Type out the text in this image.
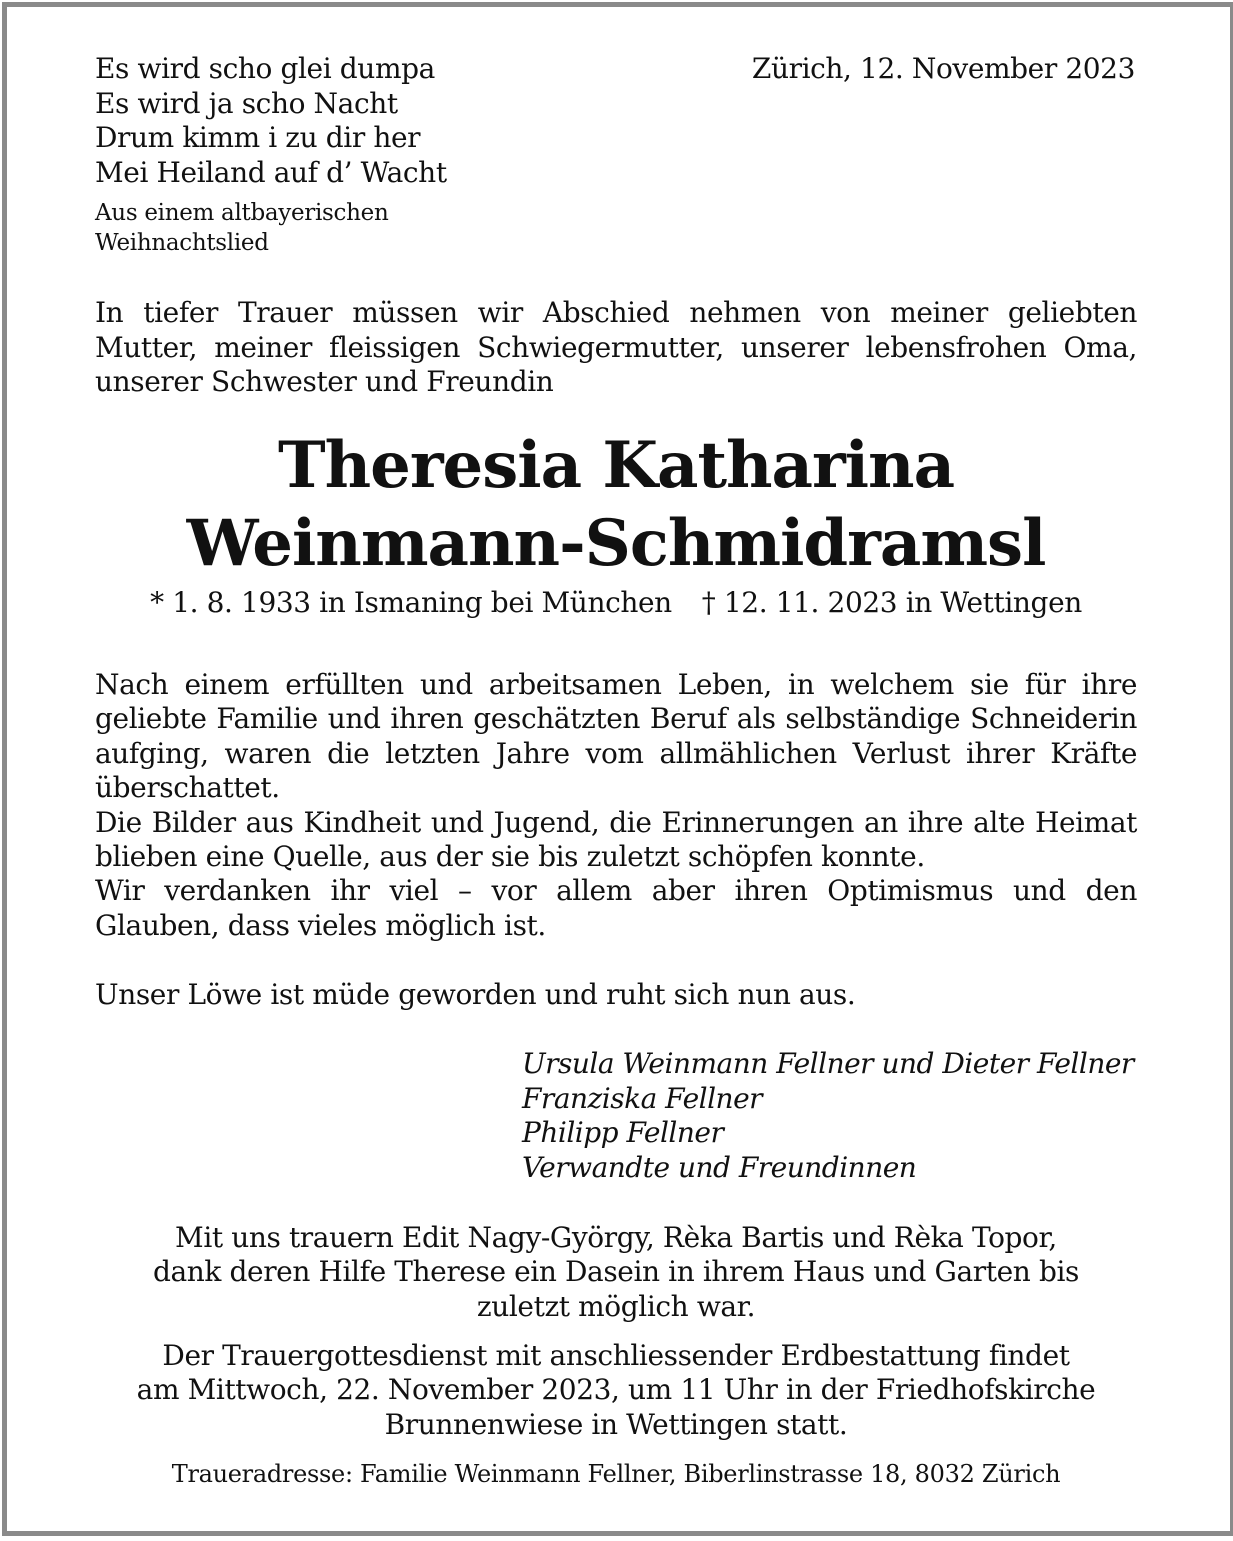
Es wird scho glei dumpa
Es wird ja scho Nacht
Drum kimm i zu dir her
Mei Heiland auf d’ Wacht
Aus einem altbayerischen
Weihnachtslied
Zürich, 12. November 2023
In tiefer Trauer müssen wir Abschied nehmen von meiner geliebten Mutter, meiner fleissigen Schwiegermutter, unserer lebensfrohen Oma, unserer Schwester und Freundin
Theresia Katharina
Weinmann-Schmidramsl
* 1. 8. 1933 in Ismaning bei München † 12. 11. 2023 in Wettingen

Nach einem erfüllten und arbeitsamen Leben, in welchem sie für ihre geliebte Familie und ihren geschätzten Beruf als selbständige Schneiderin aufging, waren die letzten Jahre vom allmählichen Verlust ihrer Kräfte überschattet.

Die Bilder aus Kindheit und Jugend, die Erinnerungen an ihre alte Heimat blieben eine Quelle, aus der sie bis zuletzt schöpfen konnte.

Wir verdanken ihr viel – vor allem aber ihren Optimismus und den Glauben, dass vieles möglich ist.

Unser Löwe ist müde geworden und ruht sich nun aus.
Ursula Weinmann Fellner und Dieter Fellner
Franziska Fellner
Philipp Fellner
Verwandte und Freundinnen
Mit uns trauern Edit Nagy-György, Rèka Bartis und Rèka Topor,
dank deren Hilfe Therese ein Dasein in ihrem Haus und Garten bis
zuletzt möglich war.
Der Trauergottesdienst mit anschliessender Erdbestattung findet
am Mittwoch, 22. November 2023, um 11 Uhr in der Friedhofskirche
Brunnenwiese in Wettingen statt.
Traueradresse: Familie Weinmann Fellner, Biberlinstrasse 18, 8032 Zürich
